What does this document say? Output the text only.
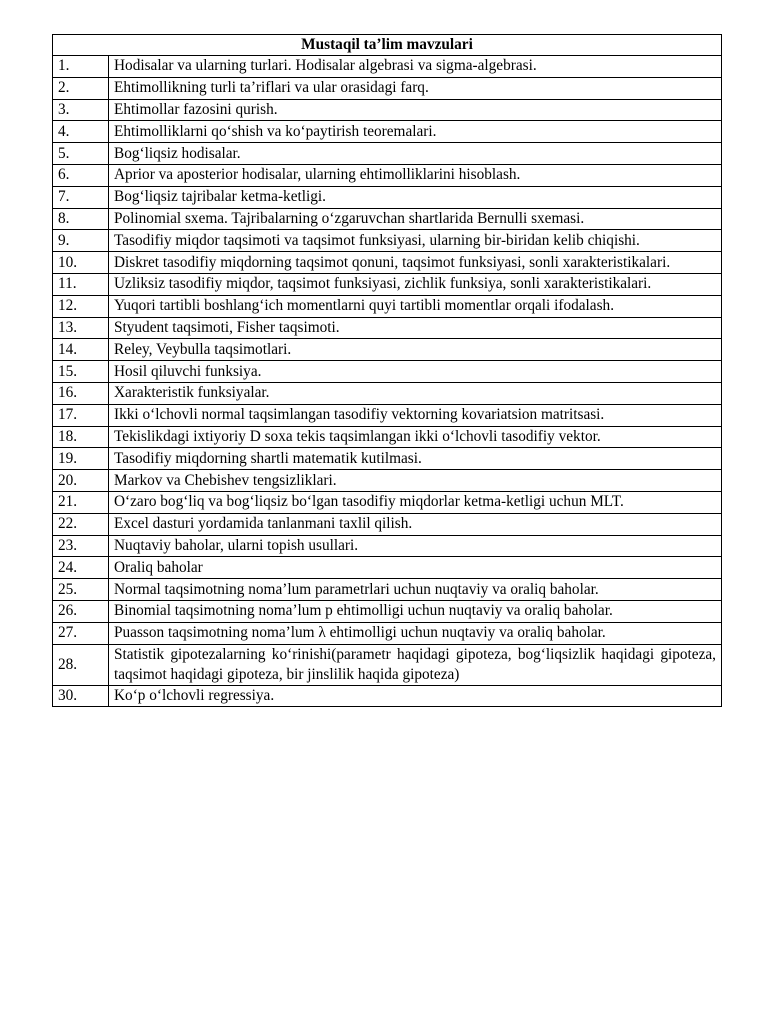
Mustaqil ta’lim mavzulari	
1.	Hodisalar va ularning turlari. Hodisalar algebrasi va sigma-algebrasi.
2.	Ehtimollikning turli ta’riflari va ular orasidagi farq.
3.	Ehtimollar fazosini qurish.
4.	Ehtimolliklarni qo‘shish va ko‘paytirish teoremalari.
5.	Bog‘liqsiz hodisalar.
6.	Aprior va aposterior hodisalar, ularning ehtimolliklarini hisoblash.
7.	Bog‘liqsiz tajribalar ketma-ketligi.
8.	Polinomial sxema. Tajribalarning o‘zgaruvchan shartlarida Bernulli sxemasi.
9.	Tasodifiy miqdor taqsimoti va taqsimot funksiyasi, ularning bir-biridan kelib chiqishi.
10.	Diskret tasodifiy miqdorning taqsimot qonuni, taqsimot funksiyasi, sonli xarakteristikalari.
11.	Uzliksiz tasodifiy miqdor, taqsimot funksiyasi, zichlik funksiya, sonli xarakteristikalari.
12.	Yuqori tartibli boshlang‘ich momentlarni quyi tartibli momentlar orqali ifodalash.
13.	Styudent taqsimoti, Fisher taqsimoti.
14.	Reley, Veybulla taqsimotlari.
15.	Hosil qiluvchi funksiya.
16.	Xarakteristik funksiyalar.
17.	Ikki o‘lchovli normal taqsimlangan tasodifiy vektorning kovariatsion matritsasi.
18.	Tekislikdagi ixtiyoriy D soxa tekis taqsimlangan ikki o‘lchovli tasodifiy vektor.
19.	Tasodifiy miqdorning shartli matematik kutilmasi.
20.	Markov va Chebishev tengsizliklari.
21.	O‘zaro bog‘liq va bog‘liqsiz bo‘lgan tasodifiy miqdorlar ketma-ketligi uchun MLT.
22.	Excel dasturi yordamida tanlanmani taxlil qilish.
23.	Nuqtaviy baholar, ularni topish usullari.
24.	Oraliq baholar
25.	Normal taqsimotning noma’lum parametrlari uchun nuqtaviy va oraliq baholar.
26.	Binomial taqsimotning noma’lum p ehtimolligi uchun nuqtaviy va oraliq baholar.
27.	Puasson taqsimotning noma’lum λ ehtimolligi uchun nuqtaviy va oraliq baholar.
28.	Statistik gipotezalarning ko‘rinishi(parametr haqidagi gipoteza, bog‘liqsizlik haqidagi gipoteza, taqsimot haqidagi gipoteza, bir jinslilik haqida gipoteza)
30.	Ko‘p o‘lchovli regressiya.
